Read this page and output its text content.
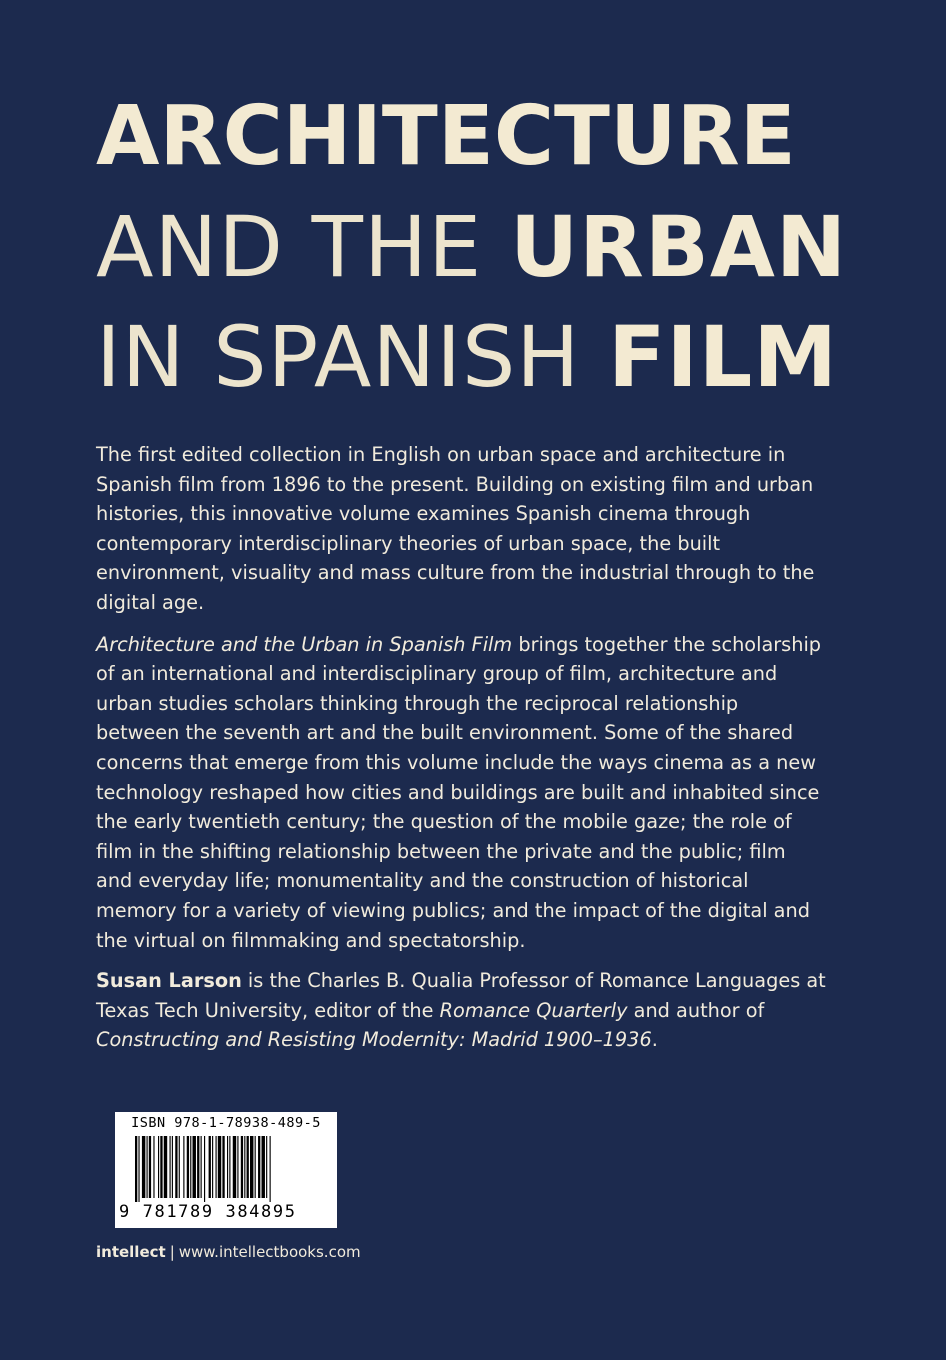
ARCHITECTURE
AND THE URBAN
IN SPANISH FILM

The first edited collection in English on urban space and architecture in Spanish film from 1896 to the present. Building on existing film and urban histories, this innovative volume examines Spanish cinema through contemporary interdisciplinary theories of urban space, the built environment, visuality and mass culture from the industrial through to the digital age.

Architecture and the Urban in Spanish Film brings together the scholarship of an international and interdisciplinary group of film, architecture and urban studies scholars thinking through the reciprocal relationship between the seventh art and the built environment. Some of the shared concerns that emerge from this volume include the ways cinema as a new technology reshaped how cities and buildings are built and inhabited since the early twentieth century; the question of the mobile gaze; the role of film in the shifting relationship between the private and the public; film and everyday life; monumentality and the construction of historical memory for a variety of viewing publics; and the impact of the digital and the virtual on filmmaking and spectatorship.

Susan Larson is the Charles B. Qualia Professor of Romance Languages at Texas Tech University, editor of the Romance Quarterly and author of Constructing and Resisting Modernity: Madrid 1900–1936.

ISBN 978-1-78938-489-5
9 781789 384895
intellect | www.intellectbooks.com
